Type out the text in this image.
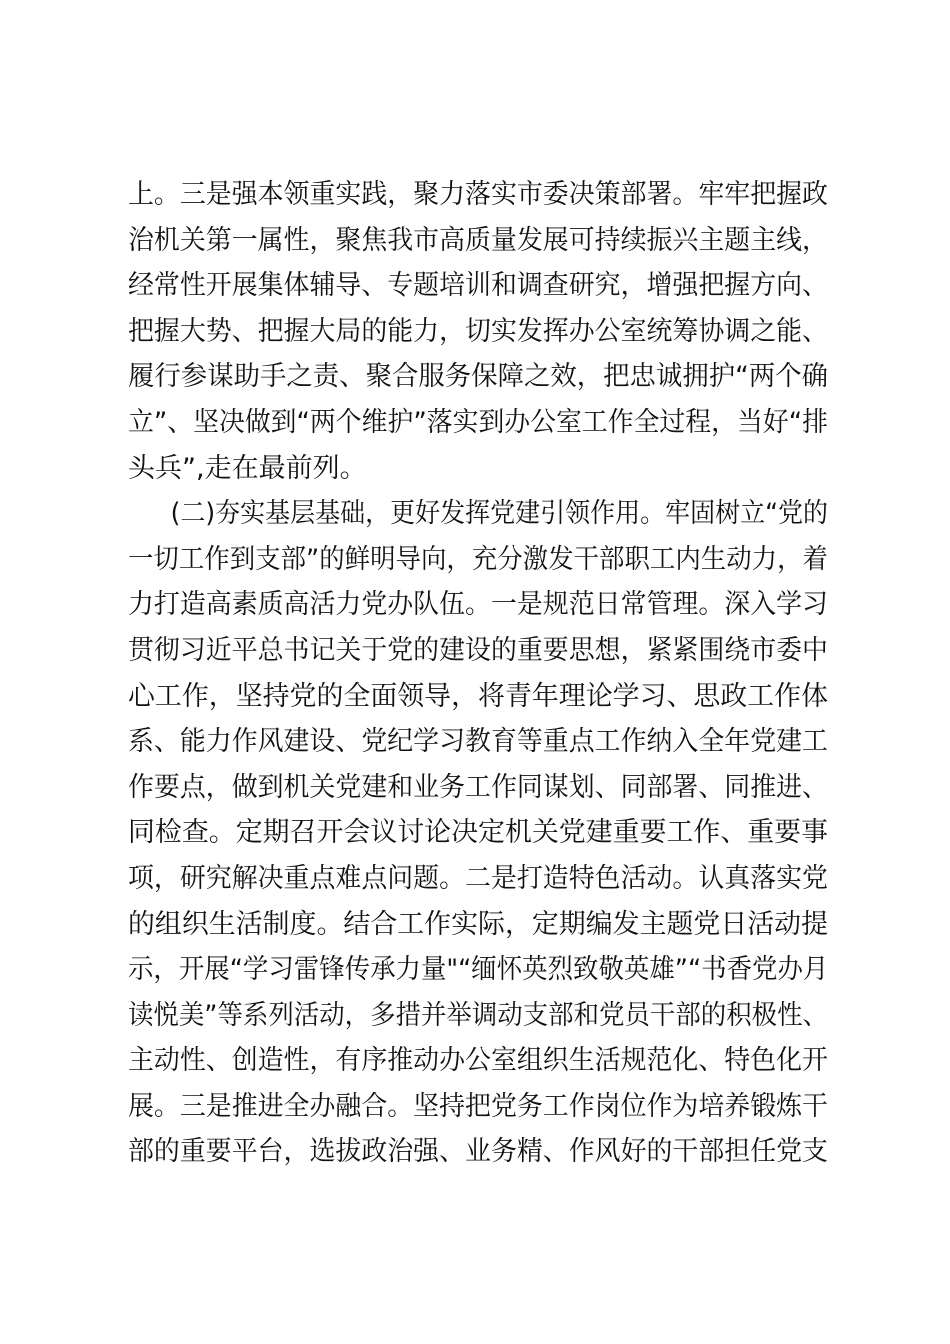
上。三是强本领重实践，聚力落实市委决策部署。牢牢把握政
治机关第一属性，聚焦我市高质量发展可持续振兴主题主线，
经常性开展集体辅导、专题培训和调查研究，增强把握方向、
把握大势、把握大局的能力，切实发挥办公室统筹协调之能、
履行参谋助手之责、聚合服务保障之效，把忠诚拥护“两个确
立”、坚决做到“两个维护”落实到办公室工作全过程，当好“排
头兵”,走在最前列。
(二)夯实基层基础，更好发挥党建引领作用。牢固树立“党的
一切工作到支部”的鲜明导向，充分激发干部职工内生动力，着
力打造高素质高活力党办队伍。一是规范日常管理。深入学习
贯彻习近平总书记关于党的建设的重要思想，紧紧围绕市委中
心工作，坚持党的全面领导，将青年理论学习、思政工作体
系、能力作风建设、党纪学习教育等重点工作纳入全年党建工
作要点，做到机关党建和业务工作同谋划、同部署、同推进、
同检查。定期召开会议讨论决定机关党建重要工作、重要事
项，研究解决重点难点问题。二是打造特色活动。认真落实党
的组织生活制度。结合工作实际，定期编发主题党日活动提
示，开展“学习雷锋传承力量"“缅怀英烈致敬英雄”“书香党办月
读悦美”等系列活动，多措并举调动支部和党员干部的积极性、
主动性、创造性，有序推动办公室组织生活规范化、特色化开
展。三是推进全办融合。坚持把党务工作岗位作为培养锻炼干
部的重要平台，选拔政治强、业务精、作风好的干部担任党支
